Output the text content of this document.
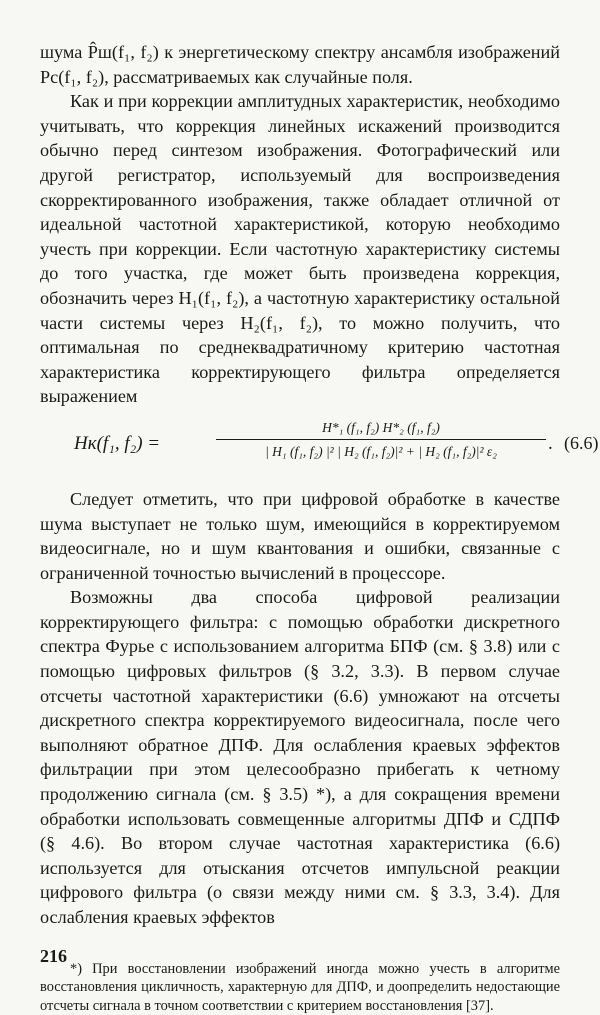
шума P̂ш(f₁, f₂) к энергетическому спектру ансамбля изображений Pc(f₁, f₂), рассматриваемых как случайные поля.

Как и при коррекции амплитудных характеристик, необходимо учитывать, что коррекция линейных искажений производится обычно перед синтезом изображения. Фотографический или другой регистратор, используемый для воспроизведения скорректированного изображения, также обладает отличной от идеальной частотной характеристикой, которую необходимо учесть при коррекции. Если частотную характеристику системы до того участка, где может быть произведена коррекция, обозначить через H₁(f₁, f₂), а частотную характеристику остальной части системы через H₂(f₁, f₂), то можно получить, что оптимальная по среднеквадратичному критерию частотная характеристика корректирующего фильтра определяется выражением

Hк(f₁, f₂) =
H*₁ (f₁, f₂) H*₂ (f₁, f₂)
| H₁ (f₁, f₂) |² | H₂ (f₁, f₂)|² + | H₂ (f₁, f₂)|² ε₂	. (6.6)

Следует отметить, что при цифровой обработке в качестве шума выступает не только шум, имеющийся в корректируемом видеосигнале, но и шум квантования и ошибки, связанные с ограниченной точностью вычислений в процессоре.

Возможны два способа цифровой реализации корректирующего фильтра: с помощью обработки дискретного спектра Фурье с использованием алгоритма БПФ (см. § 3.8) или с помощью цифровых фильтров (§ 3.2, 3.3). В первом случае отсчеты частотной характеристики (6.6) умножают на отсчеты дискретного спектра корректируемого видеосигнала, после чего выполняют обратное ДПФ. Для ослабления краевых эффектов фильтрации при этом целесообразно прибегать к четному продолжению сигнала (см. § 3.5) *), а для сокращения времени обработки использовать совмещенные алгоритмы ДПФ и СДПФ (§ 4.6). Во втором случае частотная характеристика (6.6) используется для отыскания отсчетов импульсной реакции цифрового фильтра (о связи между ними см. § 3.3, 3.4). Для ослабления краевых эффектов

*) При восстановлении изображений иногда можно учесть в алгоритме восстановления цикличность, характерную для ДПФ, и доопределить недостающие отсчеты сигнала в точном соответствии с критерием восстановления [37].

216
